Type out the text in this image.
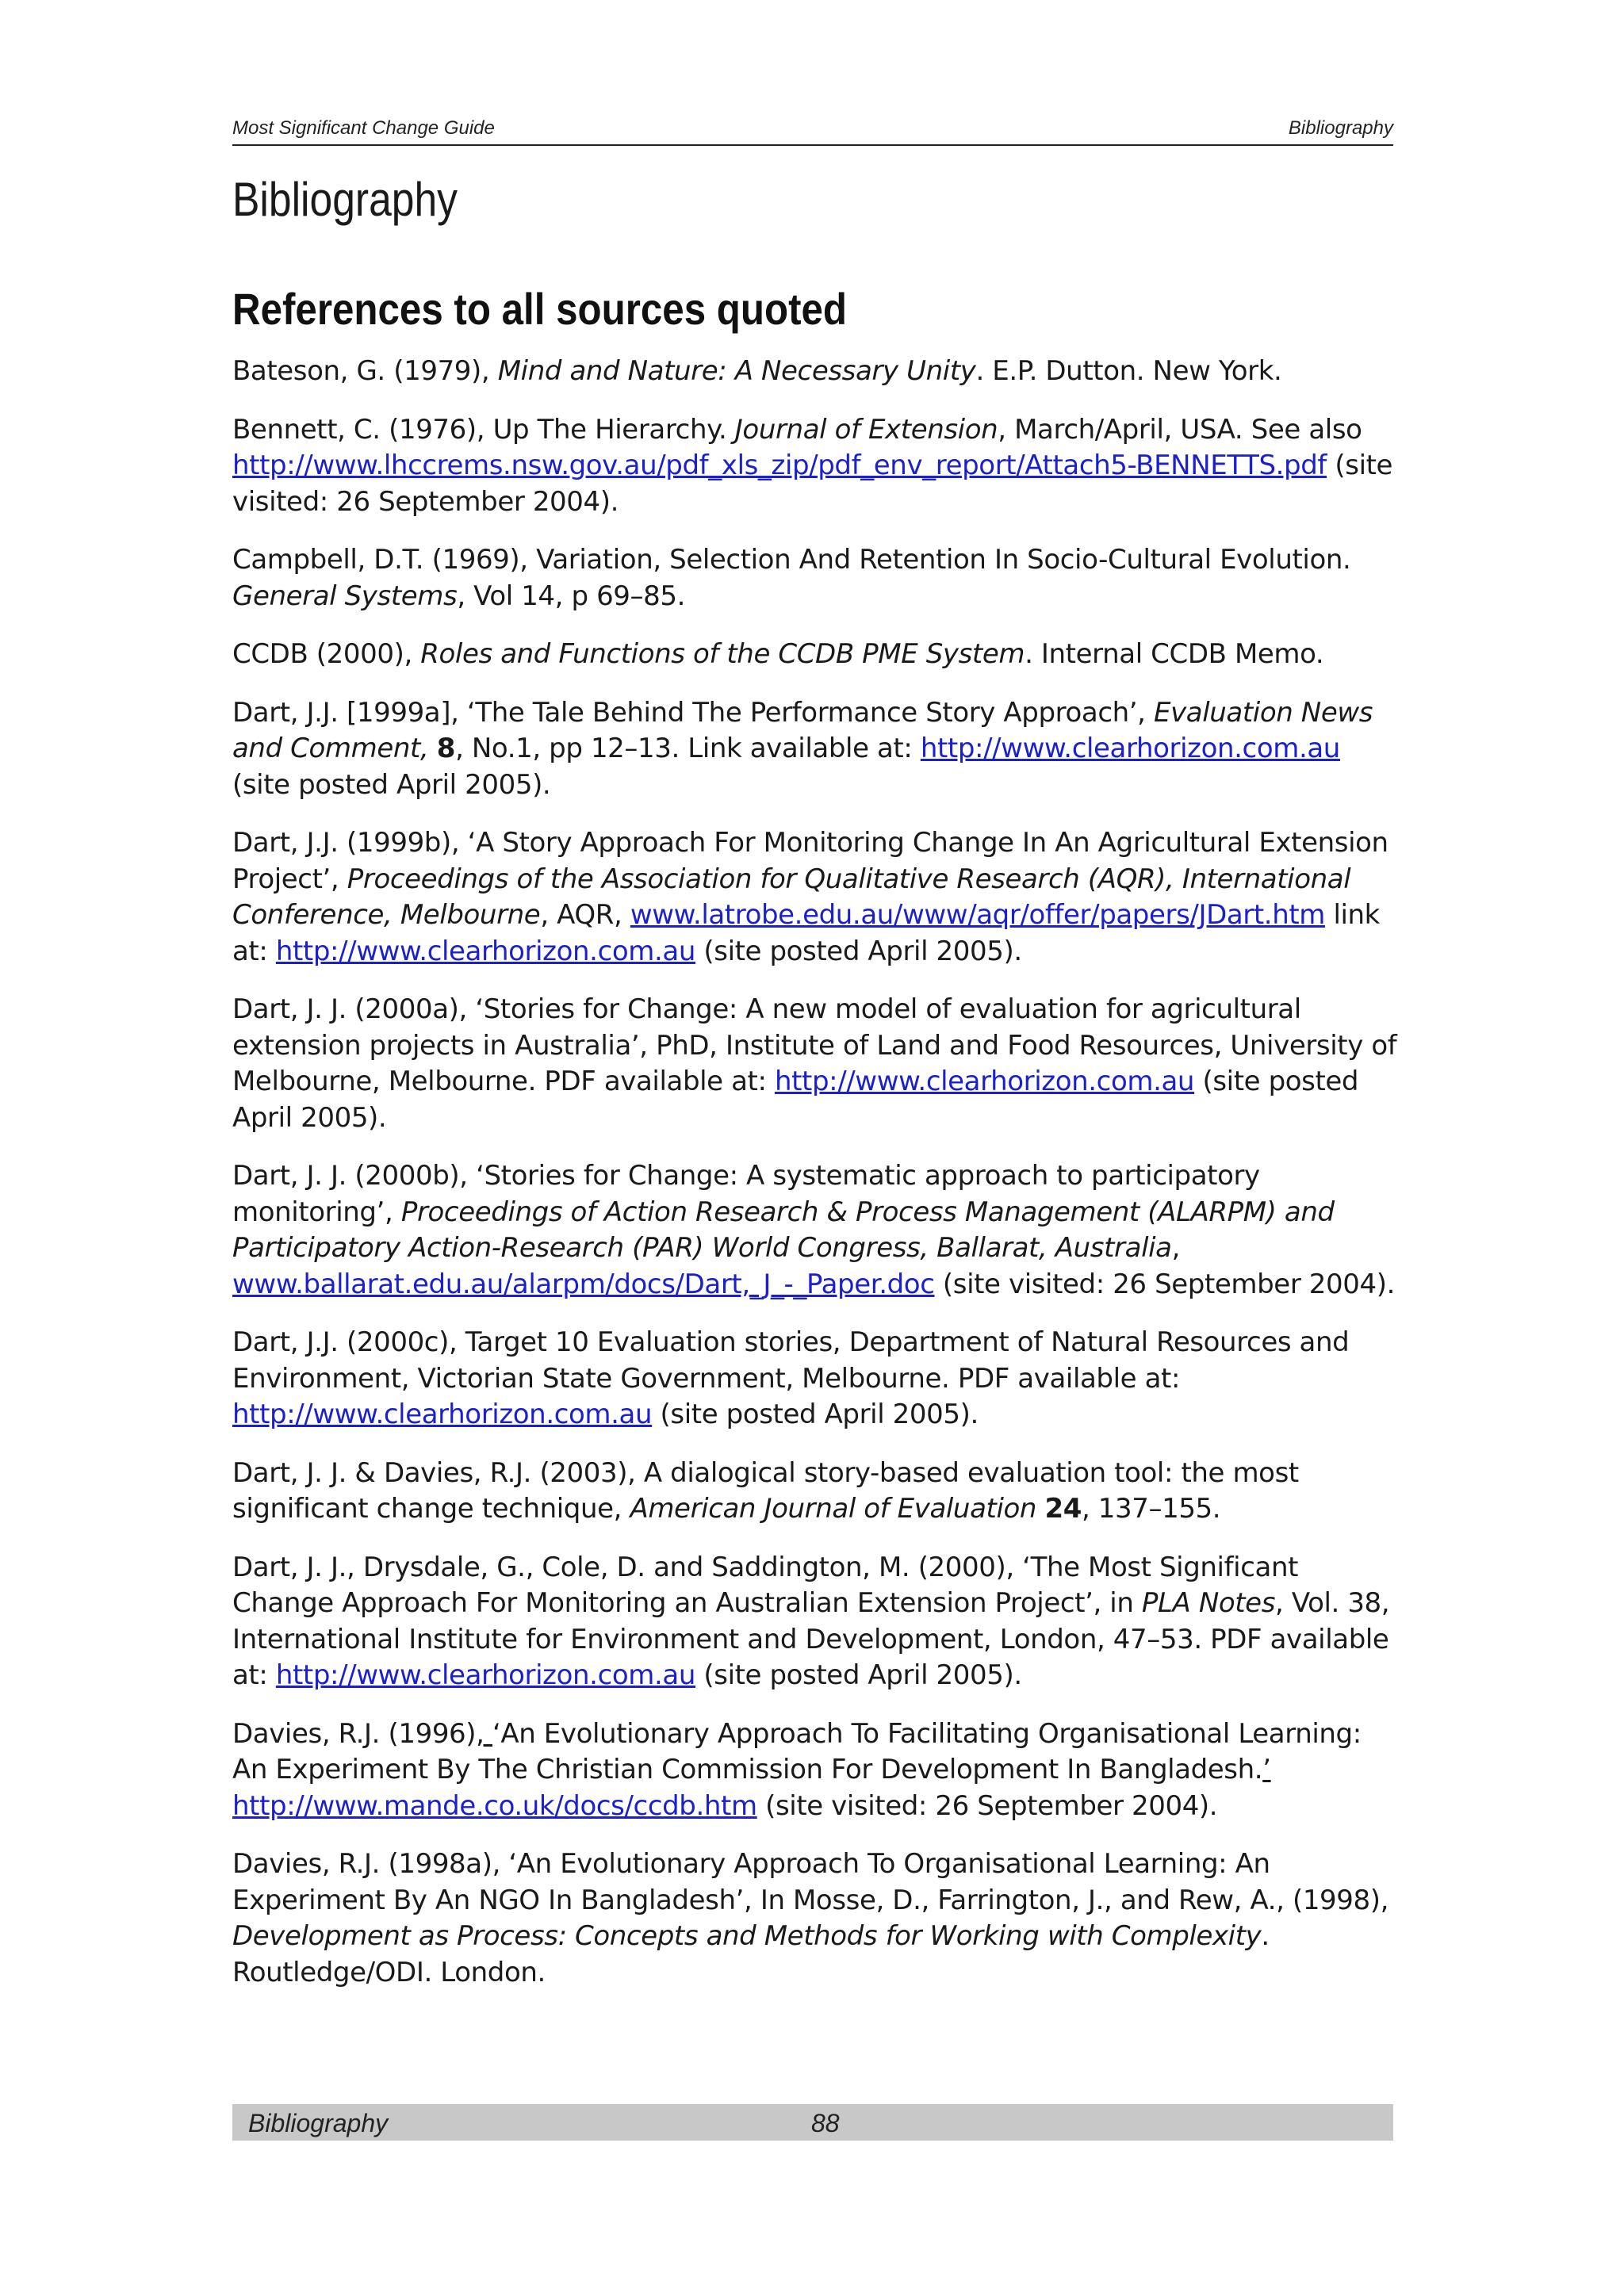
Most Significant Change Guide	Bibliography
Bibliography
References to all sources quoted

Bateson, G. (1979), Mind and Nature: A Necessary Unity. E.P. Dutton. New York.

Bennett, C. (1976), Up The Hierarchy. Journal of Extension, March/April, USA. See also http://www.lhccrems.nsw.gov.au/pdf_xls_zip/pdf_env_report/Attach5-BENNETTS.pdf (site visited: 26 September 2004).

Campbell, D.T. (1969), Variation, Selection And Retention In Socio-Cultural Evolution. General Systems, Vol 14, p 69–85.

CCDB (2000), Roles and Functions of the CCDB PME System. Internal CCDB Memo.

Dart, J.J. [1999a], ‘The Tale Behind The Performance Story Approach’, Evaluation News and Comment, 8, No.1, pp 12–13. Link available at: http://www.clearhorizon.com.au (site posted April 2005).

Dart, J.J. (1999b), ‘A Story Approach For Monitoring Change In An Agricultural Extension Project’, Proceedings of the Association for Qualitative Research (AQR), International Conference, Melbourne, AQR, www.latrobe.edu.au/www/aqr/offer/papers/JDart.htm link at: http://www.clearhorizon.com.au (site posted April 2005).

Dart, J. J. (2000a), ‘Stories for Change: A new model of evaluation for agricultural extension projects in Australia’, PhD, Institute of Land and Food Resources, University of Melbourne, Melbourne. PDF available at: http://www.clearhorizon.com.au (site posted April 2005).

Dart, J. J. (2000b), ‘Stories for Change: A systematic approach to participatory monitoring’, Proceedings of Action Research & Process Management (ALARPM) and Participatory Action-Research (PAR) World Congress, Ballarat, Australia, www.ballarat.edu.au/alarpm/docs/Dart,_J_-_Paper.doc (site visited: 26 September 2004).

Dart, J.J. (2000c), Target 10 Evaluation stories, Department of Natural Resources and Environment, Victorian State Government, Melbourne. PDF available at: http://www.clearhorizon.com.au (site posted April 2005).

Dart, J. J. & Davies, R.J. (2003), A dialogical story-based evaluation tool: the most significant change technique, American Journal of Evaluation 24, 137–155.

Dart, J. J., Drysdale, G., Cole, D. and Saddington, M. (2000), ‘The Most Significant Change Approach For Monitoring an Australian Extension Project’, in PLA Notes, Vol. 38, International Institute for Environment and Development, London, 47–53. PDF available at: http://www.clearhorizon.com.au (site posted April 2005).

Davies, R.J. (1996), ‘An Evolutionary Approach To Facilitating Organisational Learning: An Experiment By The Christian Commission For Development In Bangladesh.’ http://www.mande.co.uk/docs/ccdb.htm (site visited: 26 September 2004).

Davies, R.J. (1998a), ‘An Evolutionary Approach To Organisational Learning: An Experiment By An NGO In Bangladesh’, In Mosse, D., Farrington, J., and Rew, A., (1998), Development as Process: Concepts and Methods for Working with Complexity. Routledge/ODI. London.

Bibliography	88
